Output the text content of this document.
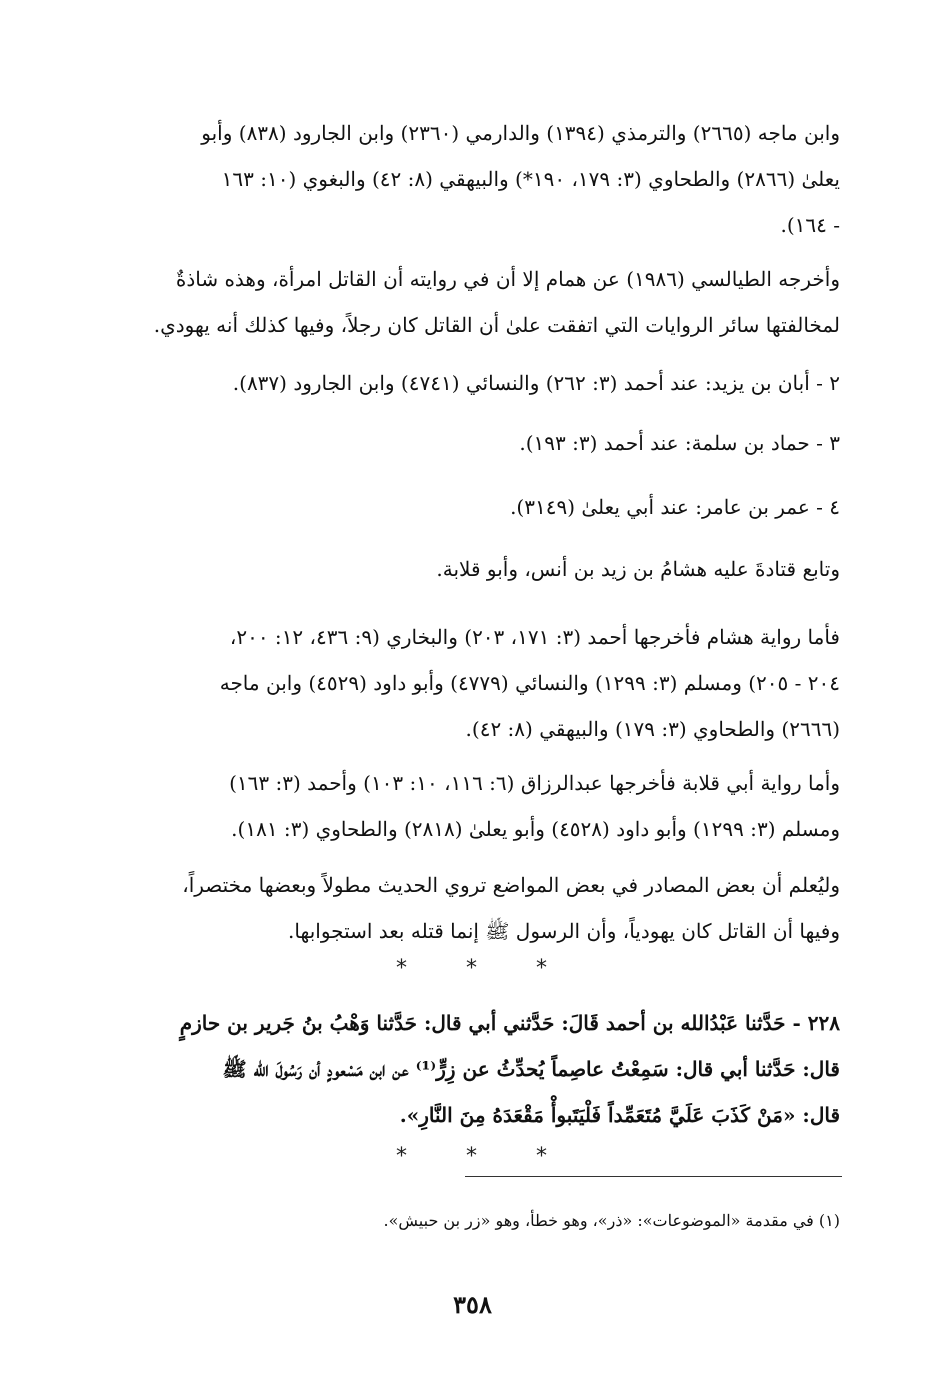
وابن ماجه (٢٦٦٥) والترمذي (١٣٩٤) والدارمي (٢٣٦٠) وابن الجارود (٨٣٨) وأبو
يعلىٰ (٢٨٦٦) والطحاوي (٣: ١٧٩، ١٩٠*) والبيهقي (٨: ٤٢) والبغوي (١٠: ١٦٣
- ١٦٤).
وأخرجه الطيالسي (١٩٨٦) عن همام إلا أن في روايته أن القاتل امرأة، وهذه شاذةٌ
لمخالفتها سائر الروايات التي اتفقت علىٰ أن القاتل كان رجلاً، وفيها كذلك أنه يهودي.
٢ - أبان بن يزيد: عند أحمد (٣: ٢٦٢) والنسائي (٤٧٤١) وابن الجارود (٨٣٧).
٣ - حماد بن سلمة: عند أحمد (٣: ١٩٣).
٤ - عمر بن عامر: عند أبي يعلىٰ (٣١٤٩).
وتابع قتادةَ عليه هشامُ بن زيد بن أنس، وأبو قلابة.
فأما رواية هشام فأخرجها أحمد (٣: ١٧١، ٢٠٣) والبخاري (٩: ٤٣٦، ١٢: ٢٠٠،
٢٠٤ - ٢٠٥) ومسلم (٣: ١٢٩٩) والنسائي (٤٧٧٩) وأبو داود (٤٥٢٩) وابن ماجه
(٢٦٦٦) والطحاوي (٣: ١٧٩) والبيهقي (٨: ٤٢).
وأما رواية أبي قلابة فأخرجها عبدالرزاق (٦: ١١٦، ١٠: ١٠٣) وأحمد (٣: ١٦٣)
ومسلم (٣: ١٢٩٩) وأبو داود (٤٥٢٨) وأبو يعلىٰ (٢٨١٨) والطحاوي (٣: ١٨١).
وليُعلم أن بعض المصادر في بعض المواضع تروي الحديث مطولاً وبعضها مختصراً،
وفيها أن القاتل كان يهودياً، وأن الرسول ﷺ إنما قتله بعد استجوابها.
* * *
٢٢٨ - حَدَّثنا عَبْدُالله بن أحمد قَالَ: حَدَّثني أبي قال: حَدَّثنا وَهْبُ بنُ جَرير بن حازمٍ
قال: حَدَّثنا أبي قال: سَمِعْتُ عاصِماً يُحدِّثُ عن زِرٍّ⁽¹⁾ عن ابن مَسْعودٍ أن رَسُولَ الله ﷺ
قال: «مَنْ كَذَبَ عَلَيَّ مُتَعَمِّداً فَلْيَتَبوأْ مَقْعَدَهُ مِنَ النَّارِ».
* * *
(١) في مقدمة «الموضوعات»: «ذر»، وهو خطأ، وهو «زر بن حبيش».
٣٥٨
